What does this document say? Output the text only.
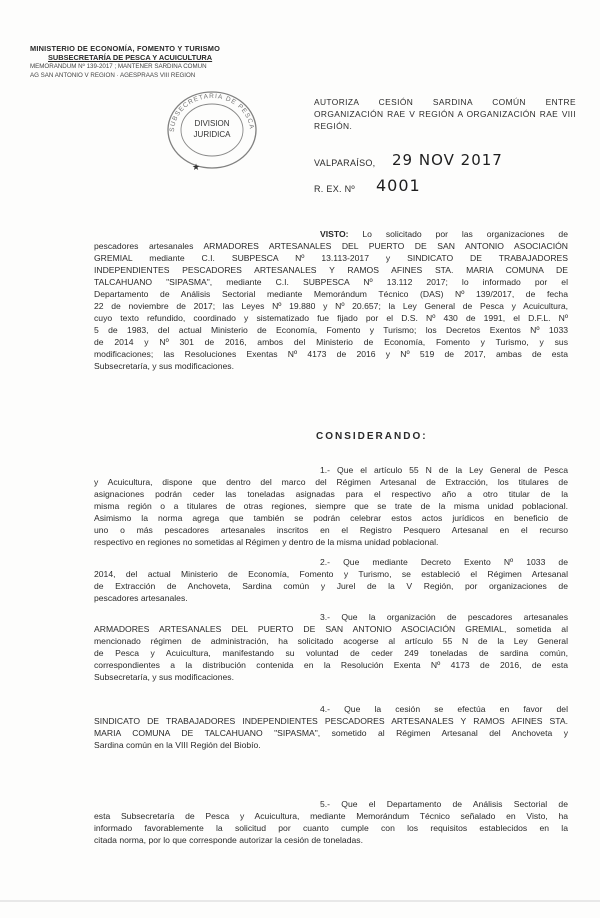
MINISTERIO DE ECONOMÍA, FOMENTO Y TURISMO
SUBSECRETARÍA DE PESCA Y ACUICULTURA
MEMORANDUM Nº 139-2017 ; MANTENER SARDINA COMUN
AG SAN ANTONIO V REGION · AGESPRAAS VIII REGION
SUBSECRETARIA DE PESCA
DIVISION
JURIDICA
★
AUTORIZA CESIÓN SARDINA COMÚN ENTRE ORGANIZACIÓN RAE V REGIÓN A ORGANIZACIÓN RAE VIII REGIÓN.
VALPARAÍSO, 29 NOV 2017
R. EX. Nº 4001
VISTO: Lo solicitado por las organizaciones de
pescadores artesanales ARMADORES ARTESANALES DEL PUERTO DE SAN ANTONIO ASOCIACIÓN
GREMIAL mediante C.I. SUBPESCA Nº 13.113-2017 y SINDICATO DE TRABAJADORES
INDEPENDIENTES PESCADORES ARTESANALES Y RAMOS AFINES STA. MARIA COMUNA DE
TALCAHUANO "SIPASMA", mediante C.I. SUBPESCA Nº 13.112 2017; lo informado por el
Departamento de Análisis Sectorial mediante Memorándum Técnico (DAS) Nº 139/2017, de fecha
22 de noviembre de 2017; las Leyes Nº 19.880 y Nº 20.657; la Ley General de Pesca y Acuicultura,
cuyo texto refundido, coordinado y sistematizado fue fijado por el D.S. Nº 430 de 1991, el D.F.L. Nº
5 de 1983, del actual Ministerio de Economía, Fomento y Turismo; los Decretos Exentos Nº 1033
de 2014 y Nº 301 de 2016, ambos del Ministerio de Economía, Fomento y Turismo, y sus
modificaciones; las Resoluciones Exentas Nº 4173 de 2016 y Nº 519 de 2017, ambas de esta
Subsecretaría, y sus modificaciones.
CONSIDERANDO:
1.- Que el artículo 55 N de la Ley General de Pesca
y Acuicultura, dispone que dentro del marco del Régimen Artesanal de Extracción, los titulares de
asignaciones podrán ceder las toneladas asignadas para el respectivo año a otro titular de la
misma región o a titulares de otras regiones, siempre que se trate de la misma unidad poblacional.
Asimismo la norma agrega que también se podrán celebrar estos actos jurídicos en beneficio de
uno o más pescadores artesanales inscritos en el Registro Pesquero Artesanal en el recurso
respectivo en regiones no sometidas al Régimen y dentro de la misma unidad poblacional.
2.- Que mediante Decreto Exento Nº 1033 de
2014, del actual Ministerio de Economía, Fomento y Turismo, se estableció el Régimen Artesanal
de Extracción de Anchoveta, Sardina común y Jurel de la V Región, por organizaciones de
pescadores artesanales.
3.- Que la organización de pescadores artesanales
ARMADORES ARTESANALES DEL PUERTO DE SAN ANTONIO ASOCIACIÓN GREMIAL, sometida al
mencionado régimen de administración, ha solicitado acogerse al artículo 55 N de la Ley General
de Pesca y Acuicultura, manifestando su voluntad de ceder 249 toneladas de sardina común,
correspondientes a la distribución contenida en la Resolución Exenta Nº 4173 de 2016, de esta
Subsecretaría, y sus modificaciones.
4.- Que la cesión se efectúa en favor del
SINDICATO DE TRABAJADORES INDEPENDIENTES PESCADORES ARTESANALES Y RAMOS AFINES STA.
MARIA COMUNA DE TALCAHUANO "SIPASMA", sometido al Régimen Artesanal del Anchoveta y
Sardina común en la VIII Región del Biobío.
5.- Que el Departamento de Análisis Sectorial de
esta Subsecretaría de Pesca y Acuicultura, mediante Memorándum Técnico señalado en Visto, ha
informado favorablemente la solicitud por cuanto cumple con los requisitos establecidos en la
citada norma, por lo que corresponde autorizar la cesión de toneladas.
